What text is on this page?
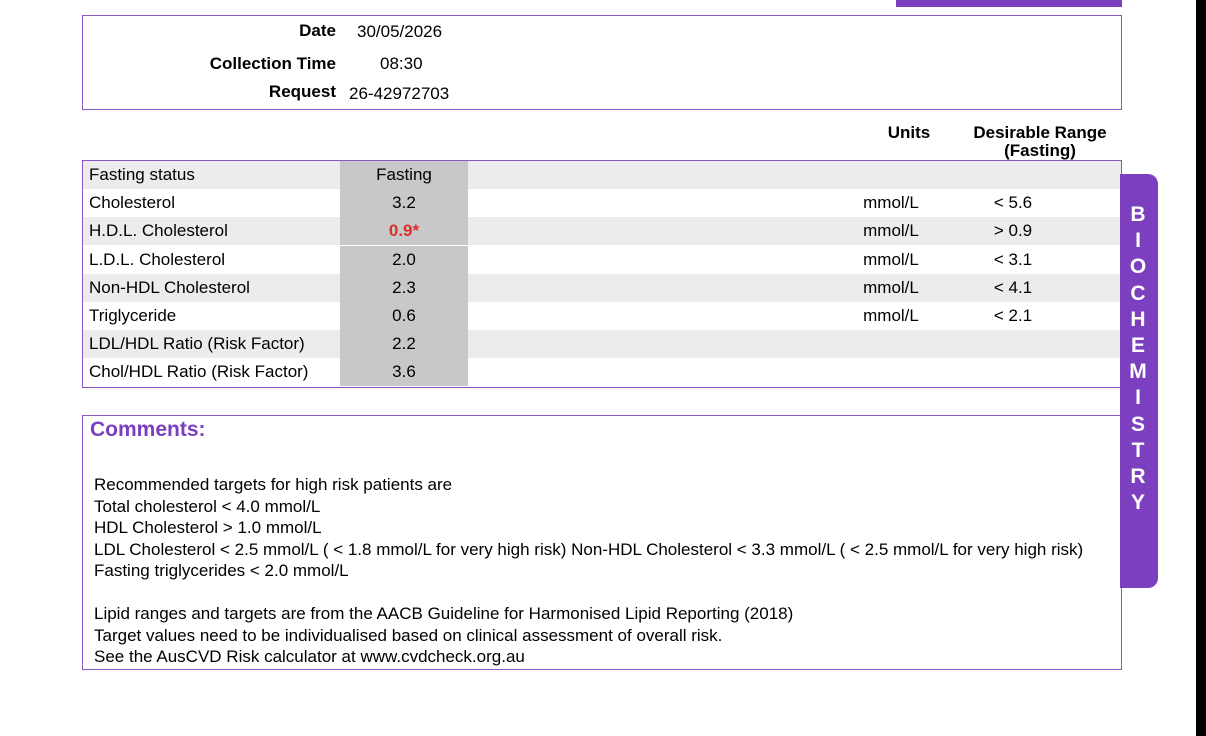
Date 30/05/2026
Collection Time	08:30
Request 26-42972703
Units	Desirable Range
(Fasting)
Fasting status	Fasting
Cholesterol	3.2	mmol/L	< 5.6
H.D.L. Cholesterol	0.9*	mmol/L	> 0.9
L.D.L. Cholesterol	2.0	mmol/L	< 3.1
Non-HDL Cholesterol	2.3	mmol/L	< 4.1
Triglyceride	0.6	mmol/L	< 2.1
LDL/HDL Ratio (Risk Factor)	2.2
Chol/HDL Ratio (Risk Factor)	3.6
Comments:

Recommended targets for high risk patients are

Total cholesterol < 4.0 mmol/L

HDL Cholesterol > 1.0 mmol/L

LDL Cholesterol < 2.5 mmol/L ( < 1.8 mmol/L for very high risk) Non-HDL Cholesterol < 3.3 mmol/L ( < 2.5 mmol/L for very high risk) Fasting triglycerides < 2.0 mmol/L

Lipid ranges and targets are from the AACB Guideline for Harmonised Lipid Reporting (2018)

Target values need to be individualised based on clinical assessment of overall risk.

See the AusCVD Risk calculator at www.cvdcheck.org.au

B
I
O
C
H
E
M
I
S
T
R
Y
